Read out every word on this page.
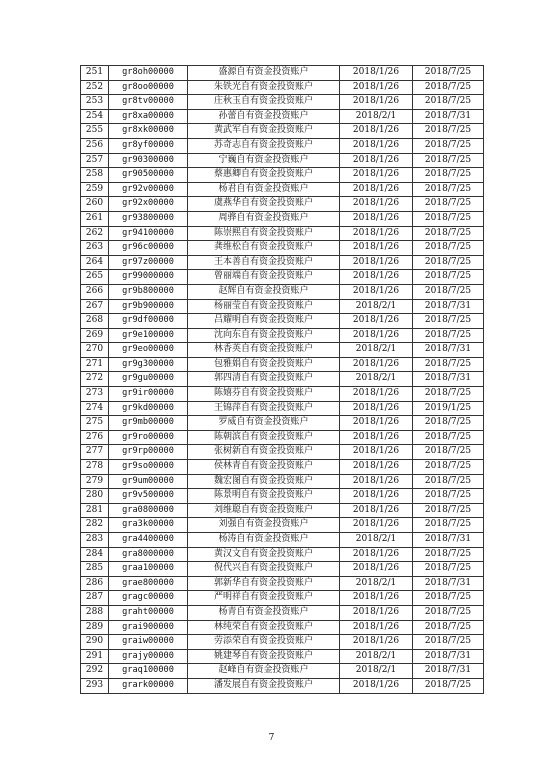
251	gr8oh00000	盛源自有资金投资账户	2018/1/26	2018/7/25
252	gr8oo00000	朱铁光自有资金投资账户	2018/1/26	2018/7/25
253	gr8tv00000	庄秋玉自有资金投资账户	2018/1/26	2018/7/25
254	gr8xa00000	孙蕾自有资金投资账户	2018/2/1	2018/7/31
255	gr8xk00000	黄武军自有资金投资账户	2018/1/26	2018/7/25
256	gr8yf00000	苏奇志自有资金投资账户	2018/1/26	2018/7/25
257	gr90300000	宁巍自有资金投资账户	2018/1/26	2018/7/25
258	gr90500000	蔡惠卿自有资金投资账户	2018/1/26	2018/7/25
259	gr92v00000	杨君自有资金投资账户	2018/1/26	2018/7/25
260	gr92x00000	虞燕华自有资金投资账户	2018/1/26	2018/7/25
261	gr93800000	周骅自有资金投资账户	2018/1/26	2018/7/25
262	gr94100000	陈崇熙自有资金投资账户	2018/1/26	2018/7/25
263	gr96c00000	龚维松自有资金投资账户	2018/1/26	2018/7/25
264	gr97z00000	王本善自有资金投资账户	2018/1/26	2018/7/25
265	gr99000000	曾丽端自有资金投资账户	2018/1/26	2018/7/25
266	gr9b800000	赵辉自有资金投资账户	2018/1/26	2018/7/25
267	gr9b900000	杨丽莹自有资金投资账户	2018/2/1	2018/7/31
268	gr9df00000	吕耀明自有资金投资账户	2018/1/26	2018/7/25
269	gr9e100000	沈向东自有资金投资账户	2018/1/26	2018/7/25
270	gr9eo00000	林香英自有资金投资账户	2018/2/1	2018/7/31
271	gr9g300000	包雅娟自有资金投资账户	2018/1/26	2018/7/25
272	gr9gu00000	郭四清自有资金投资账户	2018/2/1	2018/7/31
273	gr9ir00000	陈嬉芬自有资金投资账户	2018/1/26	2018/7/25
274	gr9kd00000	王锦萍自有资金投资账户	2018/1/26	2019/1/25
275	gr9mb00000	罗威自有资金投资账户	2018/1/26	2018/7/25
276	gr9ro00000	陈朝滨自有资金投资账户	2018/1/26	2018/7/25
277	gr9rp00000	张树新自有资金投资账户	2018/1/26	2018/7/25
278	gr9so00000	侯林青自有资金投资账户	2018/1/26	2018/7/25
279	gr9um00000	魏宏图自有资金投资账户	2018/1/26	2018/7/25
280	gr9v500000	陈景明自有资金投资账户	2018/1/26	2018/7/25
281	gra0800000	刘维聪自有资金投资账户	2018/1/26	2018/7/25
282	gra3k00000	刘强自有资金投资账户	2018/1/26	2018/7/25
283	gra4400000	杨涛自有资金投资账户	2018/2/1	2018/7/31
284	gra8000000	黄汉文自有资金投资账户	2018/1/26	2018/7/25
285	graa100000	倪代兴自有资金投资账户	2018/1/26	2018/7/25
286	grae800000	郭新华自有资金投资账户	2018/2/1	2018/7/31
287	gragc00000	严明祥自有资金投资账户	2018/1/26	2018/7/25
288	graht00000	杨青自有资金投资账户	2018/1/26	2018/7/25
289	grai900000	林纯荣自有资金投资账户	2018/1/26	2018/7/25
290	graiw00000	劳添荣自有资金投资账户	2018/1/26	2018/7/25
291	grajy00000	姚建琴自有资金投资账户	2018/2/1	2018/7/31
292	graq100000	赵峰自有资金投资账户	2018/2/1	2018/7/31
293	grark00000	潘发展自有资金投资账户	2018/1/26	2018/7/25
7
